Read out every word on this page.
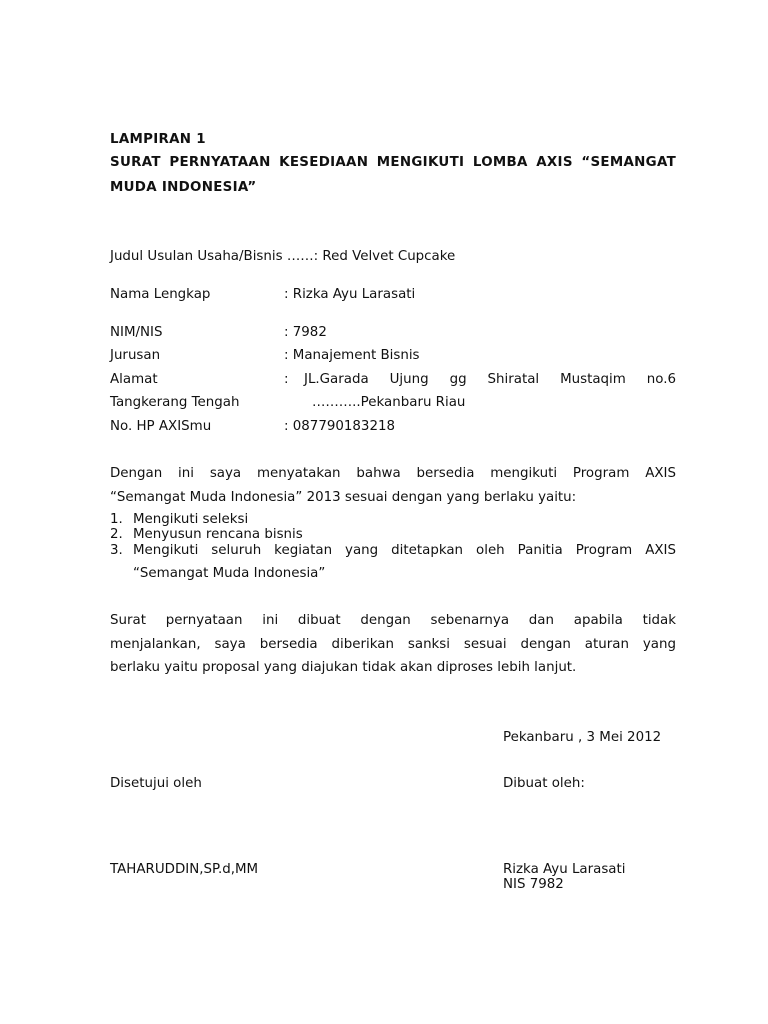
LAMPIRAN 1
SURAT PERNYATAAN KESEDIAAN MENGIKUTI LOMBA AXIS “SEMANGAT
MUDA INDONESIA”
Judul Usulan Usaha/Bisnis ……: Red Velvet Cupcake
Nama Lengkap	: Rizka Ayu Larasati
NIM/NIS	: 7982
Jurusan	: Manajement Bisnis
Alamat	: JL.Garada Ujung gg Shiratal Mustaqim no.6
Tangkerang Tengah	………..Pekanbaru Riau
No. HP AXISmu	: 087790183218
Dengan ini saya menyatakan bahwa bersedia mengikuti Program AXIS
“Semangat Muda Indonesia” 2013 sesuai dengan yang berlaku yaitu:
1. Mengikuti seleksi
2. Menyusun rencana bisnis
3. Mengikuti seluruh kegiatan yang ditetapkan oleh Panitia Program AXIS
“Semangat Muda Indonesia”
Surat pernyataan ini dibuat dengan sebenarnya dan apabila tidak
menjalankan, saya bersedia diberikan sanksi sesuai dengan aturan yang
berlaku yaitu proposal yang diajukan tidak akan diproses lebih lanjut.
Pekanbaru , 3 Mei 2012
Disetujui oleh	Dibuat oleh:
TAHARUDDIN,SP.d,MM	Rizka Ayu Larasati
NIS 7982
